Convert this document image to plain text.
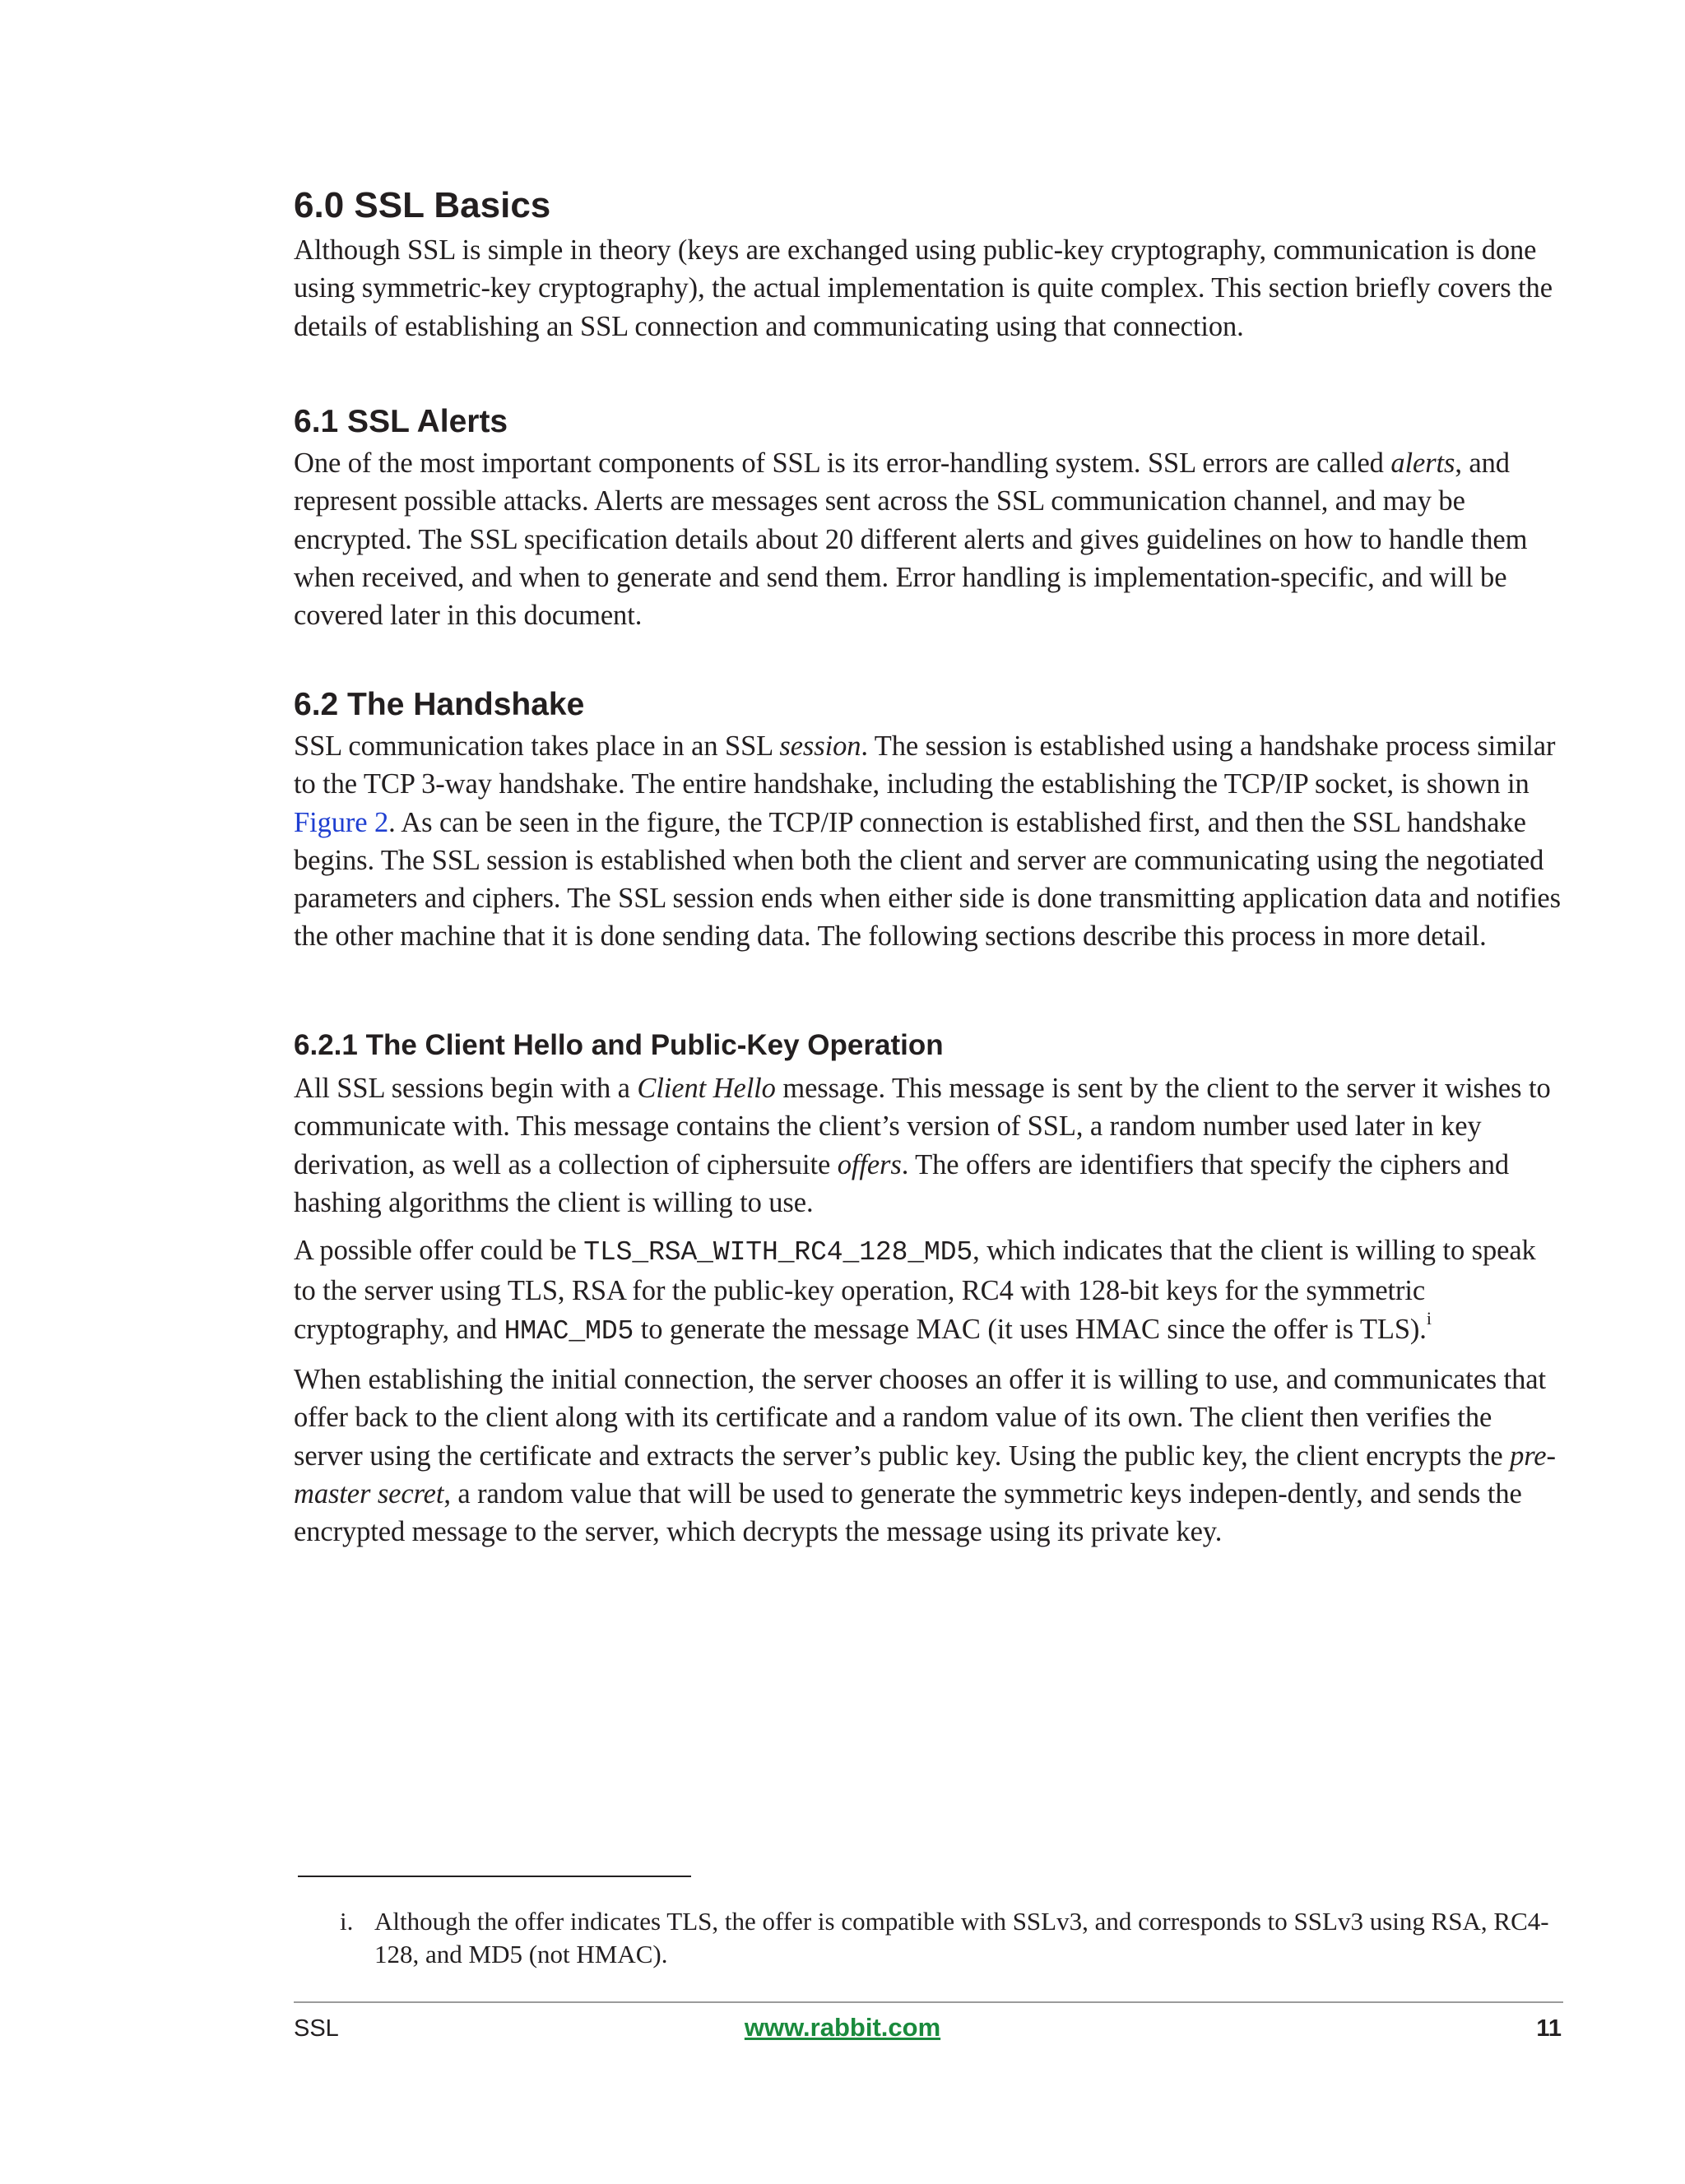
6.0 SSL Basics

Although SSL is simple in theory (keys are exchanged using public-key cryptography, communication is done using symmetric-key cryptography), the actual implementation is quite complex. This section briefly covers the details of establishing an SSL connection and communicating using that connection.

6.1 SSL Alerts

One of the most important components of SSL is its error-handling system. SSL errors are called alerts, and represent possible attacks. Alerts are messages sent across the SSL communication channel, and may be encrypted. The SSL specification details about 20 different alerts and gives guidelines on how to handle them when received, and when to generate and send them. Error handling is implementation-specific, and will be covered later in this document.

6.2 The Handshake

SSL communication takes place in an SSL session. The session is established using a handshake process similar to the TCP 3-way handshake. The entire handshake, including the establishing the TCP/IP socket, is shown in Figure 2. As can be seen in the figure, the TCP/IP connection is established first, and then the SSL handshake begins. The SSL session is established when both the client and server are communicating using the negotiated parameters and ciphers. The SSL session ends when either side is done transmitting application data and notifies the other machine that it is done sending data. The following sections describe this process in more detail.

6.2.1 The Client Hello and Public-Key Operation

All SSL sessions begin with a Client Hello message. This message is sent by the client to the server it wishes to communicate with. This message contains the client’s version of SSL, a random number used later in key derivation, as well as a collection of ciphersuite offers. The offers are identifiers that specify the ciphers and hashing algorithms the client is willing to use.

A possible offer could be TLS_RSA_WITH_RC4_128_MD5, which indicates that the client is willing to speak to the server using TLS, RSA for the public-key operation, RC4 with 128-bit keys for the symmetric cryptography, and HMAC_MD5 to generate the message MAC (it uses HMAC since the offer is TLS).$^i$

When establishing the initial connection, the server chooses an offer it is willing to use, and communicates that offer back to the client along with its certificate and a random value of its own. The client then verifies the server using the certificate and extracts the server’s public key. Using the public key, the client encrypts the pre-master secret, a random value that will be used to generate the symmetric keys indepen-dently, and sends the encrypted message to the server, which decrypts the message using its private key.

i. Although the offer indicates TLS, the offer is compatible with SSLv3, and corresponds to SSLv3 using RSA, RC4-128, and MD5 (not HMAC).
SSL	www.rabbit.com	11
